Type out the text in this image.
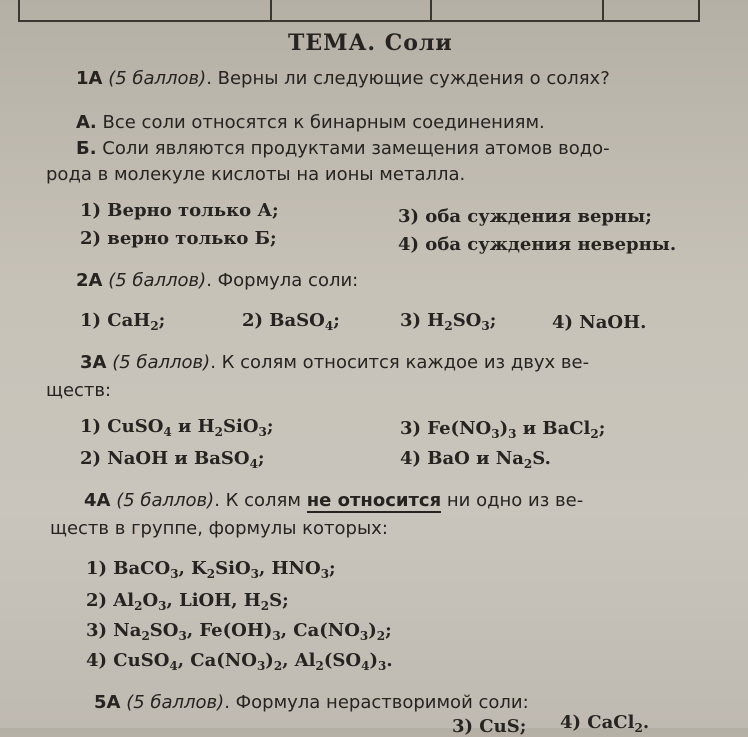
ТЕМА. Соли
1А (5 баллов). Верны ли следующие суждения о солях?
А. Все соли относятся к бинарным соединениям.
Б. Соли являются продуктами замещения атомов водо-
рода в молекуле кислоты на ионы металла.
1) Верно только А;	3) оба суждения верны;
2) верно только Б;	4) оба суждения неверны.
2А (5 баллов). Формула соли:
1) CaH$_2$;	2) BaSO$_4$;	3) $H_2SO_3$;	4) NaOH.
3А (5 баллов). К солям относится каждое из двух ве-
ществ:
1) CuSO$_4$ и $H_2SiO_3$;	3) $Fe(NO_3)_3$ и BaCl$_2$;
2) NaOH и BaSO$_4$;	4) BaO и $Na_2S$.
4А (5 баллов). К солям не относится ни одно из ве-
ществ в группе, формулы которых:
1) BaCO$_3$, $K_2SiO_3$, $HNO_3$;
2) $Al_2O_3$, LiOH, $H_2S$;
3) $Na_2SO_3$, $Fe(OH)_3$, $Ca(NO_3)_2$;
4) CuSO$_4$, $Ca(NO_3)_2$, $Al_2(SO_4)_3$.
5А (5 баллов). Формула нерастворимой соли:
3) CuS; 4) CaCl$_2$.
